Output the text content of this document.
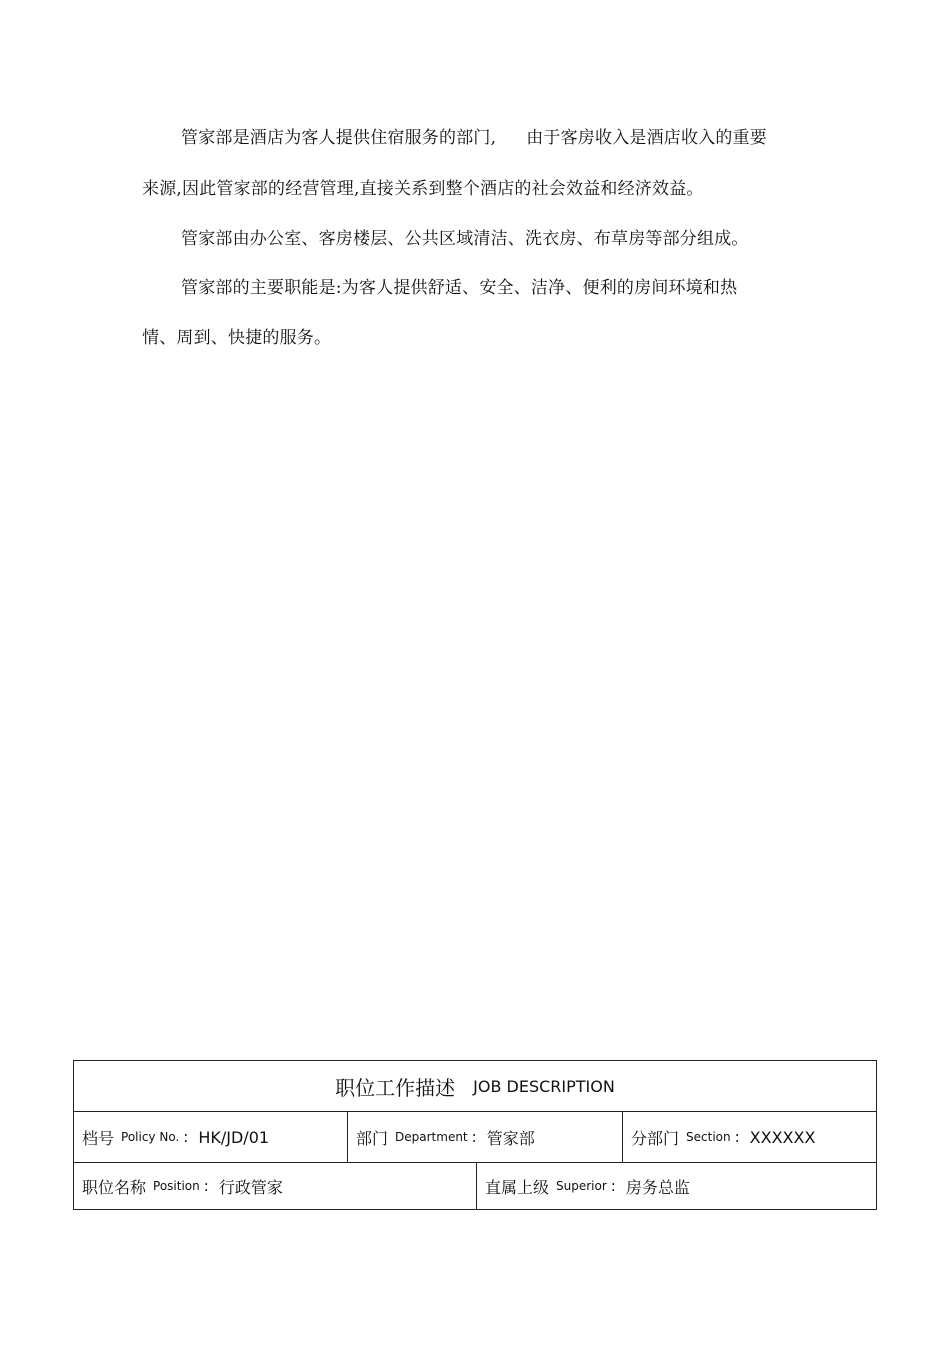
管家部是酒店为客人提供住宿服务的部门, 由于客房收入是酒店收入的重要
来源,因此管家部的经营管理,直接关系到整个酒店的社会效益和经济效益。
管家部由办公室、客房楼层、公共区域清洁、洗衣房、布草房等部分组成。
管家部的主要职能是:为客人提供舒适、安全、洁净、便利的房间环境和热
情、周到、快捷的服务。
职位工作描述 JOB DESCRIPTION
档号 Policy No. : HK/JD/01	部门 Department : 管家部	分部门 Section : XXXXXX
职位名称 Position : 行政管家	直属上级 Superior : 房务总监
